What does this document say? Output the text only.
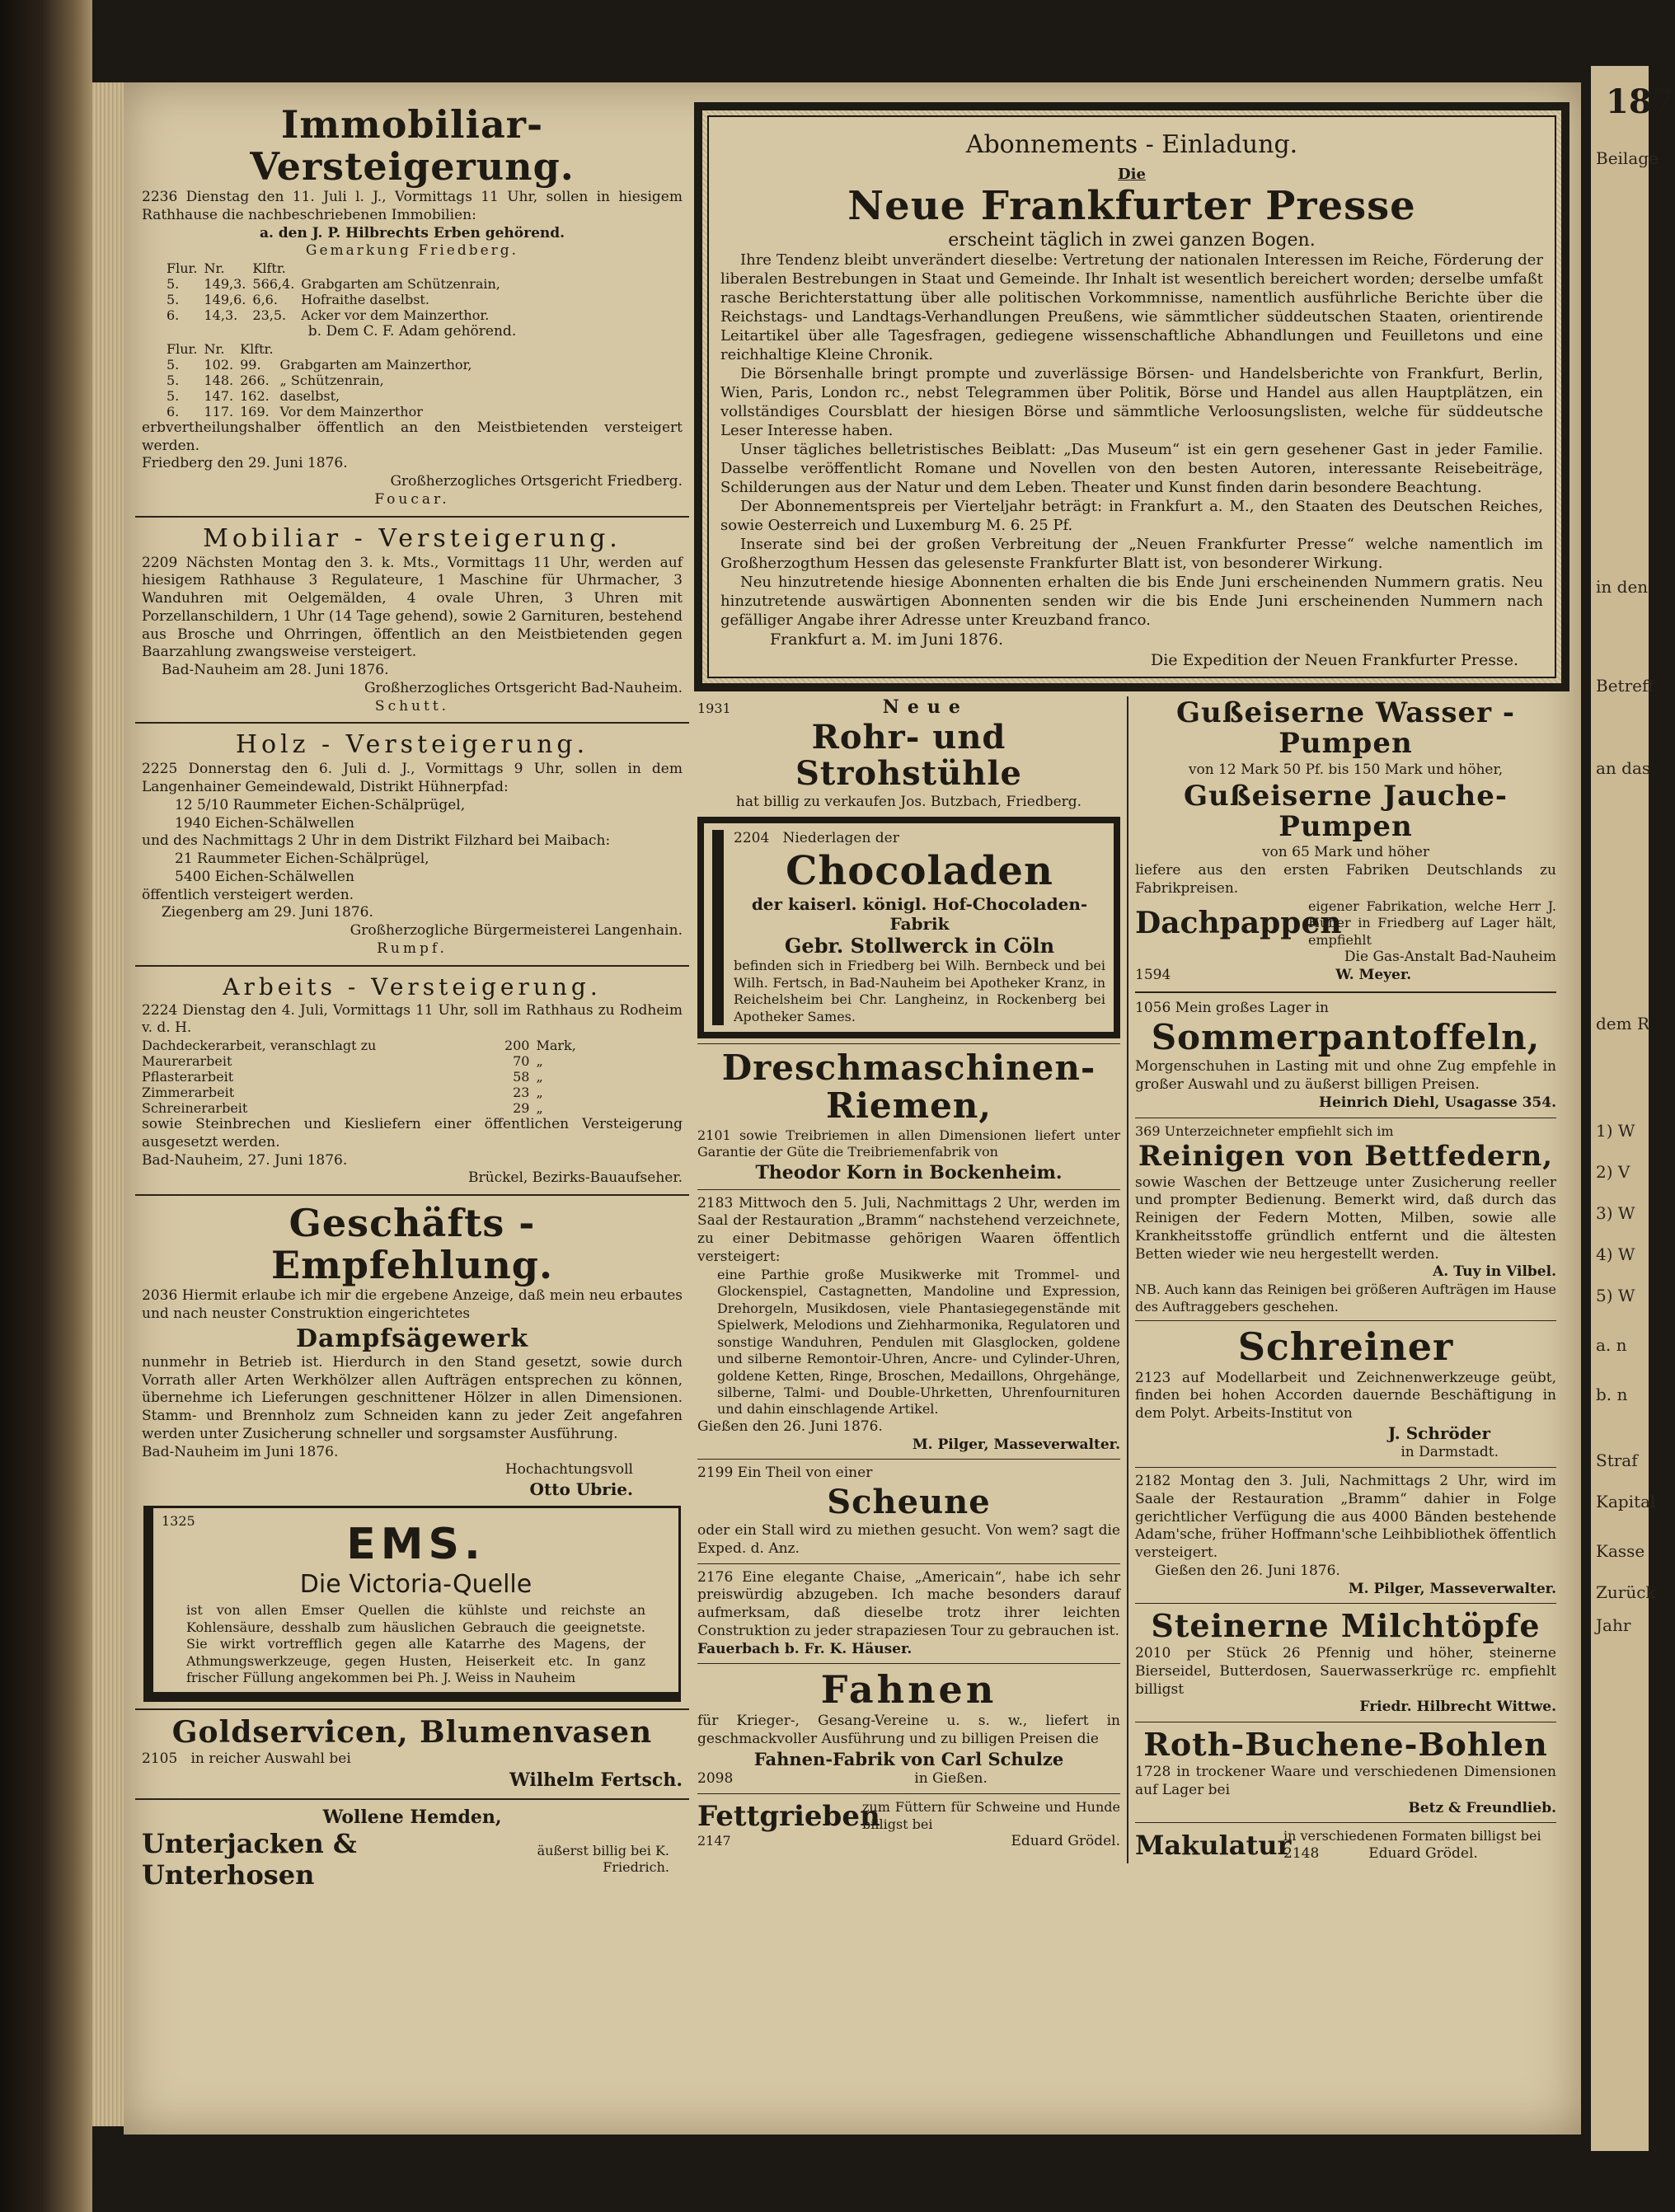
187
Beilage
in den
Betreff
an das
dem R
1) W
2) V
3) W
4) W
5) W
a. n
b. n
Straf
Kapital
Kasse
Zurück
Jahr
Immobiliar-Versteigerung.

2236 Dienstag den 11. Juli l. J., Vormittags 11 Uhr, sollen in hiesigem Rathhause die nachbeschriebenen Immobilien:

a. den J. P. Hilbrechts Erben gehörend.

Gemarkung Friedberg.

Flur.	Nr.	Klftr.	
5.	149,3.	566,4.	Grabgarten am Schützenrain,
5.	149,6.	6,6.	Hofraithe daselbst.
6.	14,3.	23,5.	Acker vor dem Mainzerthor.

b. Dem C. F. Adam gehörend.

Flur.	Nr.	Klftr.	
5.	102.	99.	Grabgarten am Mainzerthor,
5.	148.	266.	„ Schützenrain,
5.	147.	162.	daselbst,
6.	117.	169.	Vor dem Mainzerthor

erbvertheilungshalber öffentlich an den Meistbietenden versteigert werden.

Friedberg den 29. Juni 1876.

Großherzogliches Ortsgericht Friedberg.

Foucar.

Mobiliar - Versteigerung.

2209 Nächsten Montag den 3. k. Mts., Vormittags 11 Uhr, werden auf hiesigem Rathhause 3 Regulateure, 1 Maschine für Uhrmacher, 3 Wanduhren mit Oelgemälden, 4 ovale Uhren, 3 Uhren mit Porzellanschildern, 1 Uhr (14 Tage gehend), sowie 2 Garnituren, bestehend aus Brosche und Ohrringen, öffentlich an den Meistbietenden gegen Baarzahlung zwangsweise versteigert.

Bad-Nauheim am 28. Juni 1876.

Großherzogliches Ortsgericht Bad-Nauheim.

Schutt.

Holz - Versteigerung.

2225 Donnerstag den 6. Juli d. J., Vormittags 9 Uhr, sollen in dem Langenhainer Gemeindewald, Distrikt Hühnerpfad:

12 5/10 Raummeter Eichen-Schälprügel,

1940 Eichen-Schälwellen

und des Nachmittags 2 Uhr in dem Distrikt Filzhard bei Maibach:

21 Raummeter Eichen-Schälprügel,

5400 Eichen-Schälwellen

öffentlich versteigert werden.

Ziegenberg am 29. Juni 1876.

Großherzogliche Bürgermeisterei Langenhain.

Rumpf.

Arbeits - Versteigerung.

2224 Dienstag den 4. Juli, Vormittags 11 Uhr, soll im Rathhaus zu Rodheim v. d. H.

Dachdeckerarbeit, veranschlagt zu	200	Mark,
Maurerarbeit	70	„
Pflasterarbeit	58	„
Zimmerarbeit	23	„
Schreinerarbeit	29	„

sowie Steinbrechen und Kiesliefern einer öffentlichen Versteigerung ausgesetzt werden.

Bad-Nauheim, 27. Juni 1876.

Brückel, Bezirks-Bauaufseher.

Geschäfts - Empfehlung.

2036 Hiermit erlaube ich mir die ergebene Anzeige, daß mein neu erbautes und nach neuster Construktion eingerichtetes

Dampfsägewerk

nunmehr in Betrieb ist. Hierdurch in den Stand gesetzt, sowie durch Vorrath aller Arten Werkhölzer allen Aufträgen entsprechen zu können, übernehme ich Lieferungen geschnittener Hölzer in allen Dimensionen. Stamm- und Brennholz zum Schneiden kann zu jeder Zeit angefahren werden unter Zusicherung schneller und sorgsamster Ausführung.

Bad-Nauheim im Juni 1876.

Hochachtungsvoll

Otto Ubrie.

1325	EMS.
Die Victoria-Quelle

ist von allen Emser Quellen die kühlste und reichste an Kohlensäure, desshalb zum häuslichen Gebrauch die geeignetste. Sie wirkt vortrefflich gegen alle Katarrhe des Magens, der Athmungswerkzeuge, gegen Husten, Heiserkeit etc. In ganz frischer Füllung angekommen bei Ph. J. Weiss in Nauheim

Goldservicen, Blumenvasen

2105 in reicher Auswahl bei

Wilhelm Fertsch.

Wollene Hemden,
Unterjacken & Unterhosen
äußerst billig bei K. Friedrich.
Abonnements - Einladung.
Die
Neue Frankfurter Presse
erscheint täglich in zwei ganzen Bogen.

Ihre Tendenz bleibt unverändert dieselbe: Vertretung der nationalen Interessen im Reiche, Förderung der liberalen Bestrebungen in Staat und Gemeinde. Ihr Inhalt ist wesentlich bereichert worden; derselbe umfaßt rasche Berichterstattung über alle politischen Vorkommnisse, namentlich ausführliche Berichte über die Reichstags- und Landtags-Verhandlungen Preußens, wie sämmtlicher süddeutschen Staaten, orientirende Leitartikel über alle Tagesfragen, gediegene wissenschaftliche Abhandlungen und Feuilletons und eine reichhaltige Kleine Chronik.

Die Börsenhalle bringt prompte und zuverlässige Börsen- und Handelsberichte von Frankfurt, Berlin, Wien, Paris, London rc., nebst Telegrammen über Politik, Börse und Handel aus allen Hauptplätzen, ein vollständiges Coursblatt der hiesigen Börse und sämmtliche Verloosungslisten, welche für süddeutsche Leser Interesse haben.

Unser tägliches belletristisches Beiblatt: „Das Museum“ ist ein gern gesehener Gast in jeder Familie. Dasselbe veröffentlicht Romane und Novellen von den besten Autoren, interessante Reisebeiträge, Schilderungen aus der Natur und dem Leben. Theater und Kunst finden darin besondere Beachtung.

Der Abonnementspreis per Vierteljahr beträgt: in Frankfurt a. M., den Staaten des Deutschen Reiches, sowie Oesterreich und Luxemburg M. 6. 25 Pf.

Inserate sind bei der großen Verbreitung der „Neuen Frankfurter Presse“ welche namentlich im Großherzogthum Hessen das gelesenste Frankfurter Blatt ist, von besonderer Wirkung.

Neu hinzutretende hiesige Abonnenten erhalten die bis Ende Juni erscheinenden Nummern gratis. Neu hinzutretende auswärtigen Abonnenten senden wir die bis Ende Juni erscheinenden Nummern nach gefälliger Angabe ihrer Adresse unter Kreuzband franco.

Frankfurt a. M. im Juni 1876.

Die Expedition der Neuen Frankfurter Presse.

1931	Neue
Rohr- und Strohstühle

hat billig zu verkaufen Jos. Butzbach, Friedberg.

2204 Niederlagen der

Chocoladen
der kaiserl. königl. Hof-Chocoladen-Fabrik
Gebr. Stollwerck in Cöln

befinden sich in Friedberg bei Wilh. Bernbeck und bei Wilh. Fertsch, in Bad-Nauheim bei Apotheker Kranz, in Reichelsheim bei Chr. Langheinz, in Rockenberg bei Apotheker Sames.

Dreschmaschinen-Riemen,

2101 sowie Treibriemen in allen Dimensionen liefert unter Garantie der Güte die Treibriemenfabrik von

Theodor Korn in Bockenheim.

2183 Mittwoch den 5. Juli, Nachmittags 2 Uhr, werden im Saal der Restauration „Bramm“ nachstehend verzeichnete, zu einer Debitmasse gehörigen Waaren öffentlich versteigert:

eine Parthie große Musikwerke mit Trommel- und Glockenspiel, Castagnetten, Mandoline und Expression, Drehorgeln, Musikdosen, viele Phantasiegegenstände mit Spielwerk, Melodions und Ziehharmonika, Regulatoren und sonstige Wanduhren, Pendulen mit Glasglocken, goldene und silberne Remontoir-Uhren, Ancre- und Cylinder-Uhren, goldene Ketten, Ringe, Broschen, Medaillons, Ohrgehänge, silberne, Talmi- und Double-Uhrketten, Uhrenfournituren und dahin einschlagende Artikel.

Gießen den 26. Juni 1876.

M. Pilger, Masseverwalter.

2199 Ein Theil von einer

Scheune

oder ein Stall wird zu miethen gesucht. Von wem? sagt die Exped. d. Anz.

2176 Eine elegante Chaise, „Americain“, habe ich sehr preiswürdig abzugeben. Ich mache besonders darauf aufmerksam, daß dieselbe trotz ihrer leichten Construktion zu jeder strapaziesen Tour zu gebrauchen ist.

Fauerbach b. Fr. K. Häuser.

Fahnen

für Krieger-, Gesang-Vereine u. s. w., liefert in geschmackvoller Ausführung und zu billigen Preisen die

Fahnen-Fabrik von Carl Schulze

2098	in Gießen.

Fettgrieben
2147

zum Füttern für Schweine und Hunde billigst bei

Eduard Grödel.

Gußeiserne Wasser - Pumpen

von 12 Mark 50 Pf. bis 150 Mark und höher,

Gußeiserne Jauche-Pumpen

von 65 Mark und höher

liefere aus den ersten Fabriken Deutschlands zu Fabrikpreisen.

Dachpappen

eigener Fabrikation, welche Herr J. Huber in Friedberg auf Lager hält, empfiehlt

Die Gas-Anstalt Bad-Nauheim

1594	W. Meyer.

1056 Mein großes Lager in

Sommerpantoffeln,

Morgenschuhen in Lasting mit und ohne Zug empfehle in großer Auswahl und zu äußerst billigen Preisen.

Heinrich Diehl, Usagasse 354.

369 Unterzeichneter empfiehlt sich im

Reinigen von Bettfedern,

sowie Waschen der Bettzeuge unter Zusicherung reeller und prompter Bedienung. Bemerkt wird, daß durch das Reinigen der Federn Motten, Milben, sowie alle Krankheitsstoffe gründlich entfernt und die ältesten Betten wieder wie neu hergestellt werden.

A. Tuy in Vilbel.

NB. Auch kann das Reinigen bei größeren Aufträgen im Hause des Auftraggebers geschehen.

Schreiner

2123 auf Modellarbeit und Zeichnenwerkzeuge geübt, finden bei hohen Accorden dauernde Beschäftigung in dem Polyt. Arbeits-Institut von

J. Schröder

in Darmstadt.

2182 Montag den 3. Juli, Nachmittags 2 Uhr, wird im Saale der Restauration „Bramm“ dahier in Folge gerichtlicher Verfügung die aus 4000 Bänden bestehende Adam'sche, früher Hoffmann'sche Leihbibliothek öffentlich versteigert.

Gießen den 26. Juni 1876.

M. Pilger, Masseverwalter.

Steinerne Milchtöpfe

2010 per Stück 26 Pfennig und höher, steinerne Bierseidel, Butterdosen, Sauerwasserkrüge rc. empfiehlt billigst

Friedr. Hilbrecht Wittwe.

Roth-Buchene-Bohlen

1728 in trockener Waare und verschiedenen Dimensionen auf Lager bei

Betz & Freundlieb.

Makulatur

in verschiedenen Formaten billigst bei

2148	Eduard Grödel.
